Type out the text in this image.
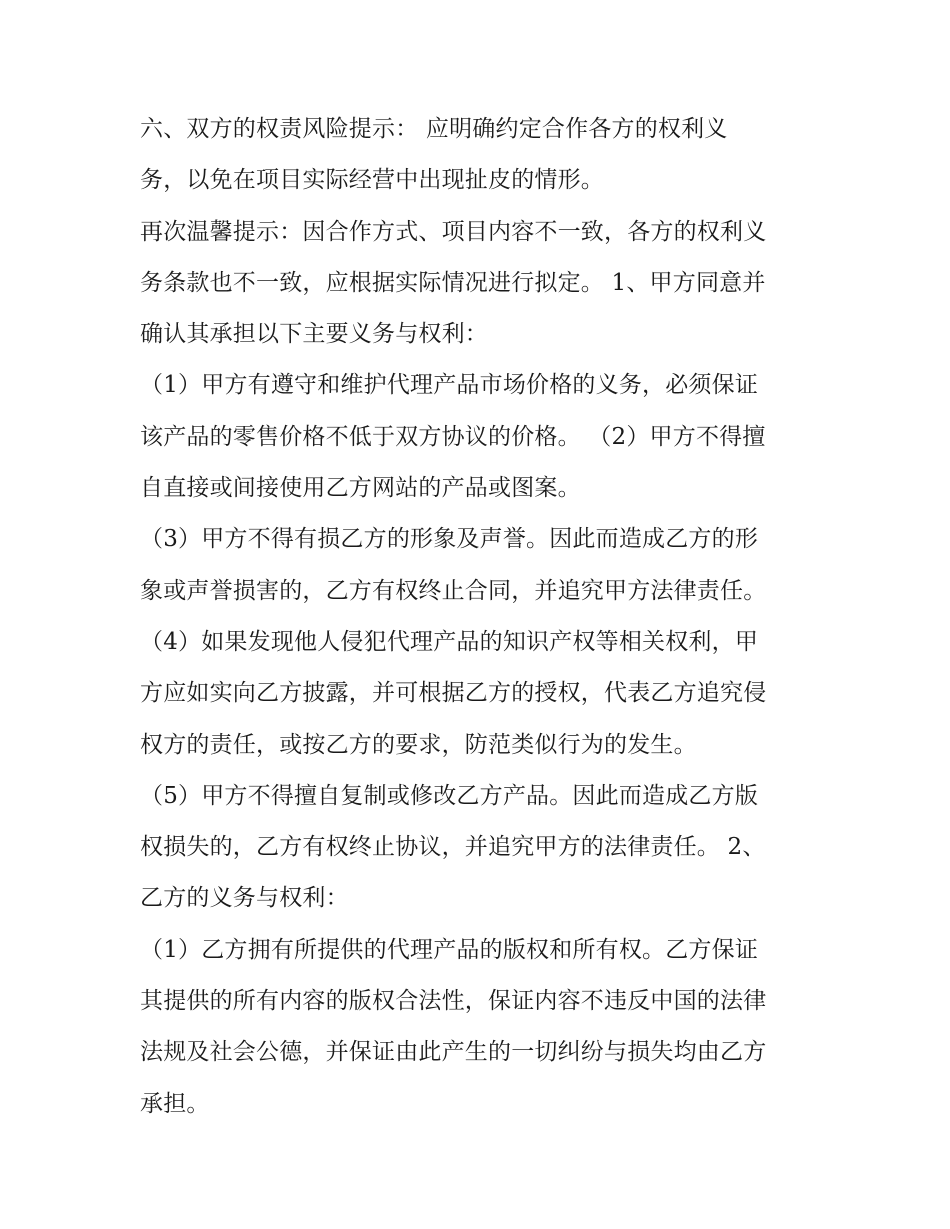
六、双方的权责风险提示： 应明确约定合作各方的权利义
务，以免在项目实际经营中出现扯皮的情形。
再次温馨提示：因合作方式、项目内容不一致，各方的权利义
务条款也不一致，应根据实际情况进行拟定。 1、甲方同意并
确认其承担以下主要义务与权利：
（1）甲方有遵守和维护代理产品市场价格的义务，必须保证
该产品的零售价格不低于双方协议的价格。 （2）甲方不得擅
自直接或间接使用乙方网站的产品或图案。
（3）甲方不得有损乙方的形象及声誉。因此而造成乙方的形
象或声誉损害的，乙方有权终止合同，并追究甲方法律责任。
（4）如果发现他人侵犯代理产品的知识产权等相关权利，甲
方应如实向乙方披露，并可根据乙方的授权，代表乙方追究侵
权方的责任，或按乙方的要求，防范类似行为的发生。
（5）甲方不得擅自复制或修改乙方产品。因此而造成乙方版
权损失的，乙方有权终止协议，并追究甲方的法律责任。 2、
乙方的义务与权利：
（1）乙方拥有所提供的代理产品的版权和所有权。乙方保证
其提供的所有内容的版权合法性，保证内容不违反中国的法律
法规及社会公德，并保证由此产生的一切纠纷与损失均由乙方
承担。
